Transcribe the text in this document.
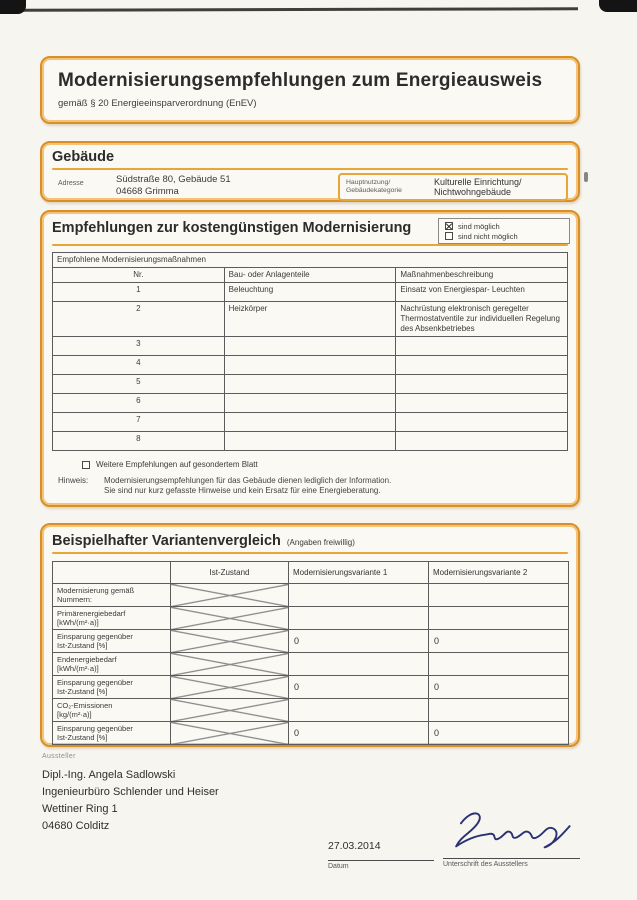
Modernisierungsempfehlungen zum Energieausweis
gemäß § 20 Energieeinsparverordnung (EnEV)
Gebäude
Adresse	Südstraße 80, Gebäude 51
04668 Grimma
Hauptnutzung/
Gebäudekategorie
Kulturelle Einrichtung/
Nichtwohngebäude
Empfehlungen zur kostengünstigen Modernisierung	sind möglich
sind nicht möglich
Empfohlene Modernisierungsmaßnahmen		
Nr.	Bau- oder Anlagenteile	Maßnahmenbeschreibung
1	Beleuchtung	Einsatz von Energiespar- Leuchten
2	Heizkörper	Nachrüstung elektronisch geregelter Thermostatventile zur individuellen Regelung des Absenkbetriebes
3		
4		
5		
6		
7		
8		
Weitere Empfehlungen auf gesondertem Blatt
Hinweis:	Modernisierungsempfehlungen für das Gebäude dienen lediglich der Information.
Sie sind nur kurz gefasste Hinweise und kein Ersatz für eine Energieberatung.
Beispielhafter Variantenvergleich (Angaben freiwillig)
	Ist-Zustand	Modernisierungsvariante 1	Modernisierungsvariante 2

Modernisierung gemäß
Nummern:			

Primärenergiebedarf
[kWh/(m²·a)]			

Einsparung gegenüber
Ist-Zustand [%]		0	0

Endenergiebedarf
[kWh/(m²·a)]			

Einsparung gegenüber
Ist-Zustand [%]		0	0

CO₂-Emissionen
[kg/(m²·a)]			

Einsparung gegenüber
Ist-Zustand [%]		0	0
Aussteller
Dipl.-Ing. Angela Sadlowski
Ingenieurbüro Schlender und Heiser
Wettiner Ring 1
04680 Colditz
27.03.2014
Datum	Unterschrift des Ausstellers
